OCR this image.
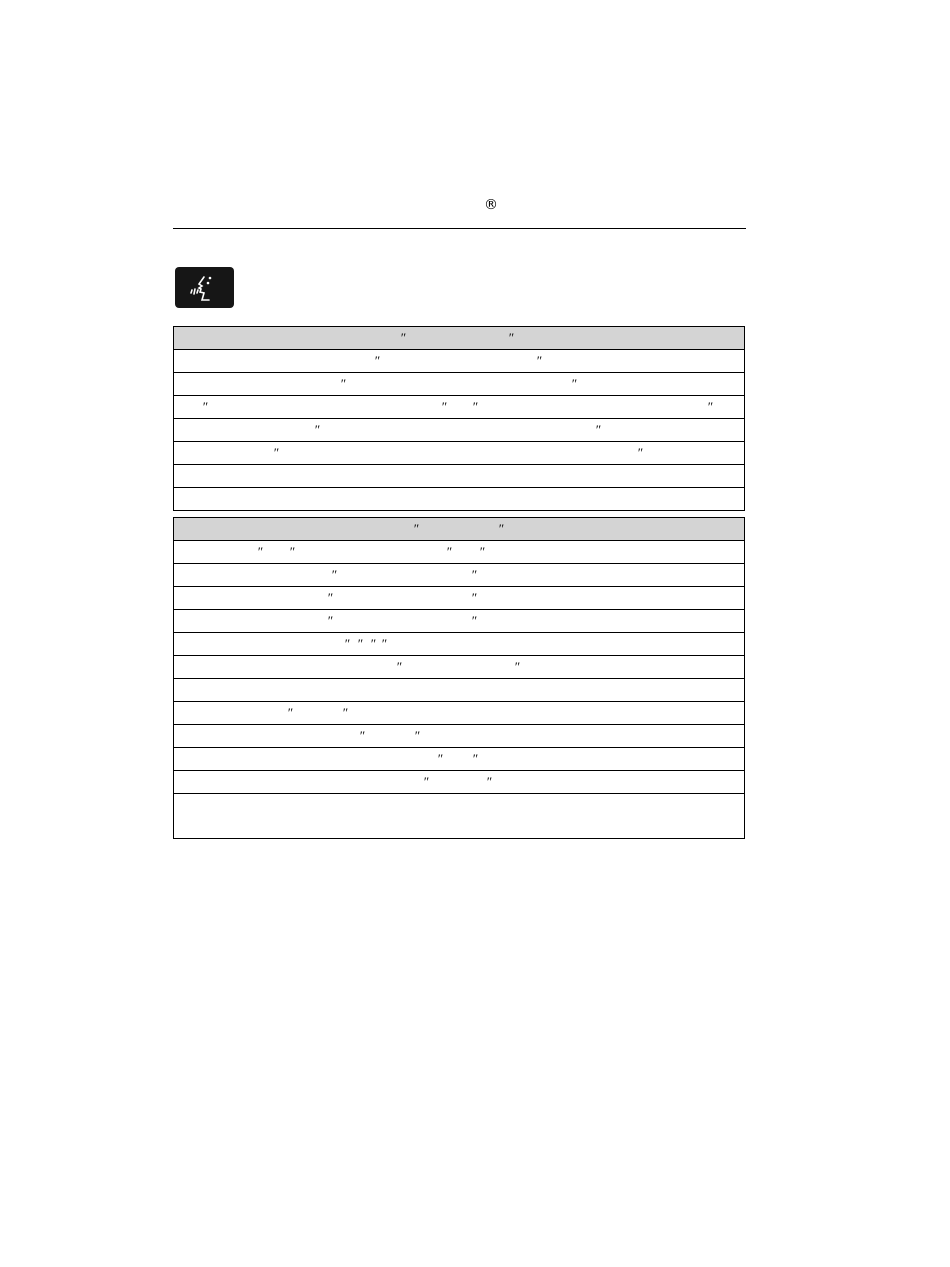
®
″	″
″	″
″	″
″	″ ″	″
″	″
″	″
″	″
″ ″	″ ″
″	″
″	″
″	″
″ ″ ″ ″
″	″
″	″
″	″
″ ″
″	″
